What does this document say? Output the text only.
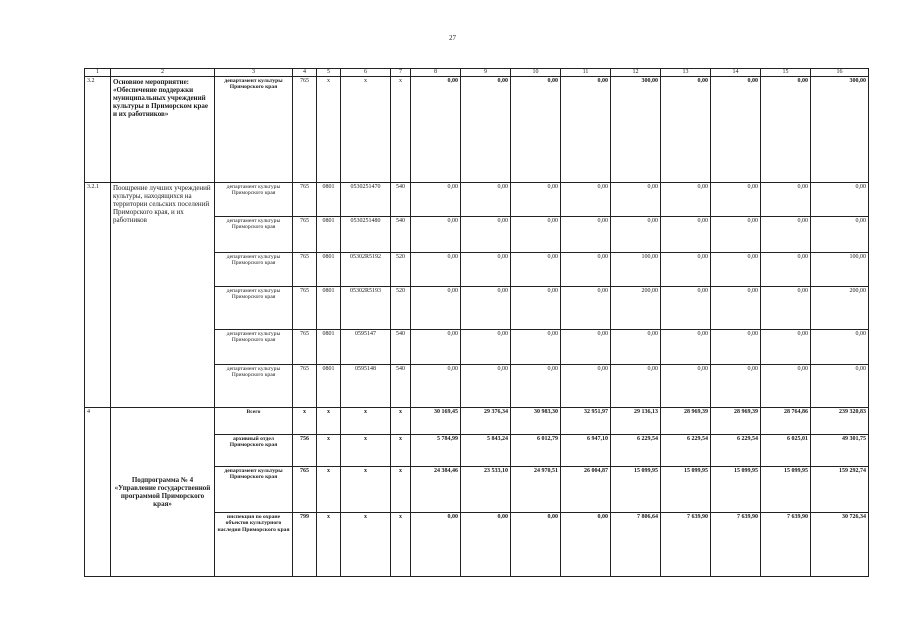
27
1	2	3	4	5	6	7	8	9	10	11	12	13	14	15	16
3.2	Основное мероприятие: «Обеспечение поддержки муниципальных учреждений культуры в Приморском крае и их работников»	департамент культуры Приморского края	765	х	х	х	0,00	0,00	0,00	0,00	300,00	0,00	0,00	0,00	300,00
3.2.1	Поощрение лучших учреждений культуры, находящихся на территории сельских поселений Приморского края, и их работников	департамент культуры Приморского края	765	0801	0530251470	540	0,00	0,00	0,00	0,00	0,00	0,00	0,00	0,00	0,00
		департамент культуры Приморского края	765	0801	0530251480	540	0,00	0,00	0,00	0,00	0,00	0,00	0,00	0,00	0,00
		департамент культуры Приморского края	765	0801	05302R5192	520	0,00	0,00	0,00	0,00	100,00	0,00	0,00	0,00	100,00
		департамент культуры Приморского края	765	0801	05302R5193	520	0,00	0,00	0,00	0,00	200,00	0,00	0,00	0,00	200,00
		департамент культуры Приморского края	765	0801	0595147	540	0,00	0,00	0,00	0,00	0,00	0,00	0,00	0,00	0,00
		департамент культуры Приморского края	765	0801	0595148	540	0,00	0,00	0,00	0,00	0,00	0,00	0,00	0,00	0,00
4	Подпрограмма № 4 «Управление государственной программой Приморского края»	Всего	х	х	х	х	30 169,45	29 376,34	30 983,30	32 951,97	29 136,13	28 969,39	28 969,39	28 764,86	239 320,83
		архивный отдел Приморского края	756	х	х	х	5 784,99	5 843,24	6 012,79	6 947,10	6 229,54	6 229,54	6 229,54	6 025,01	49 301,75
		департамент культуры Приморского края	765	х	х	х	24 384,46	23 533,10	24 970,51	26 004,87	15 099,95	15 099,95	15 099,95	15 099,95	159 292,74
		инспекция по охране объектов культурного наследия Приморского края	799	х	х	х	0,00	0,00	0,00	0,00	7 806,64	7 639,90	7 639,90	7 639,90	30 726,34
